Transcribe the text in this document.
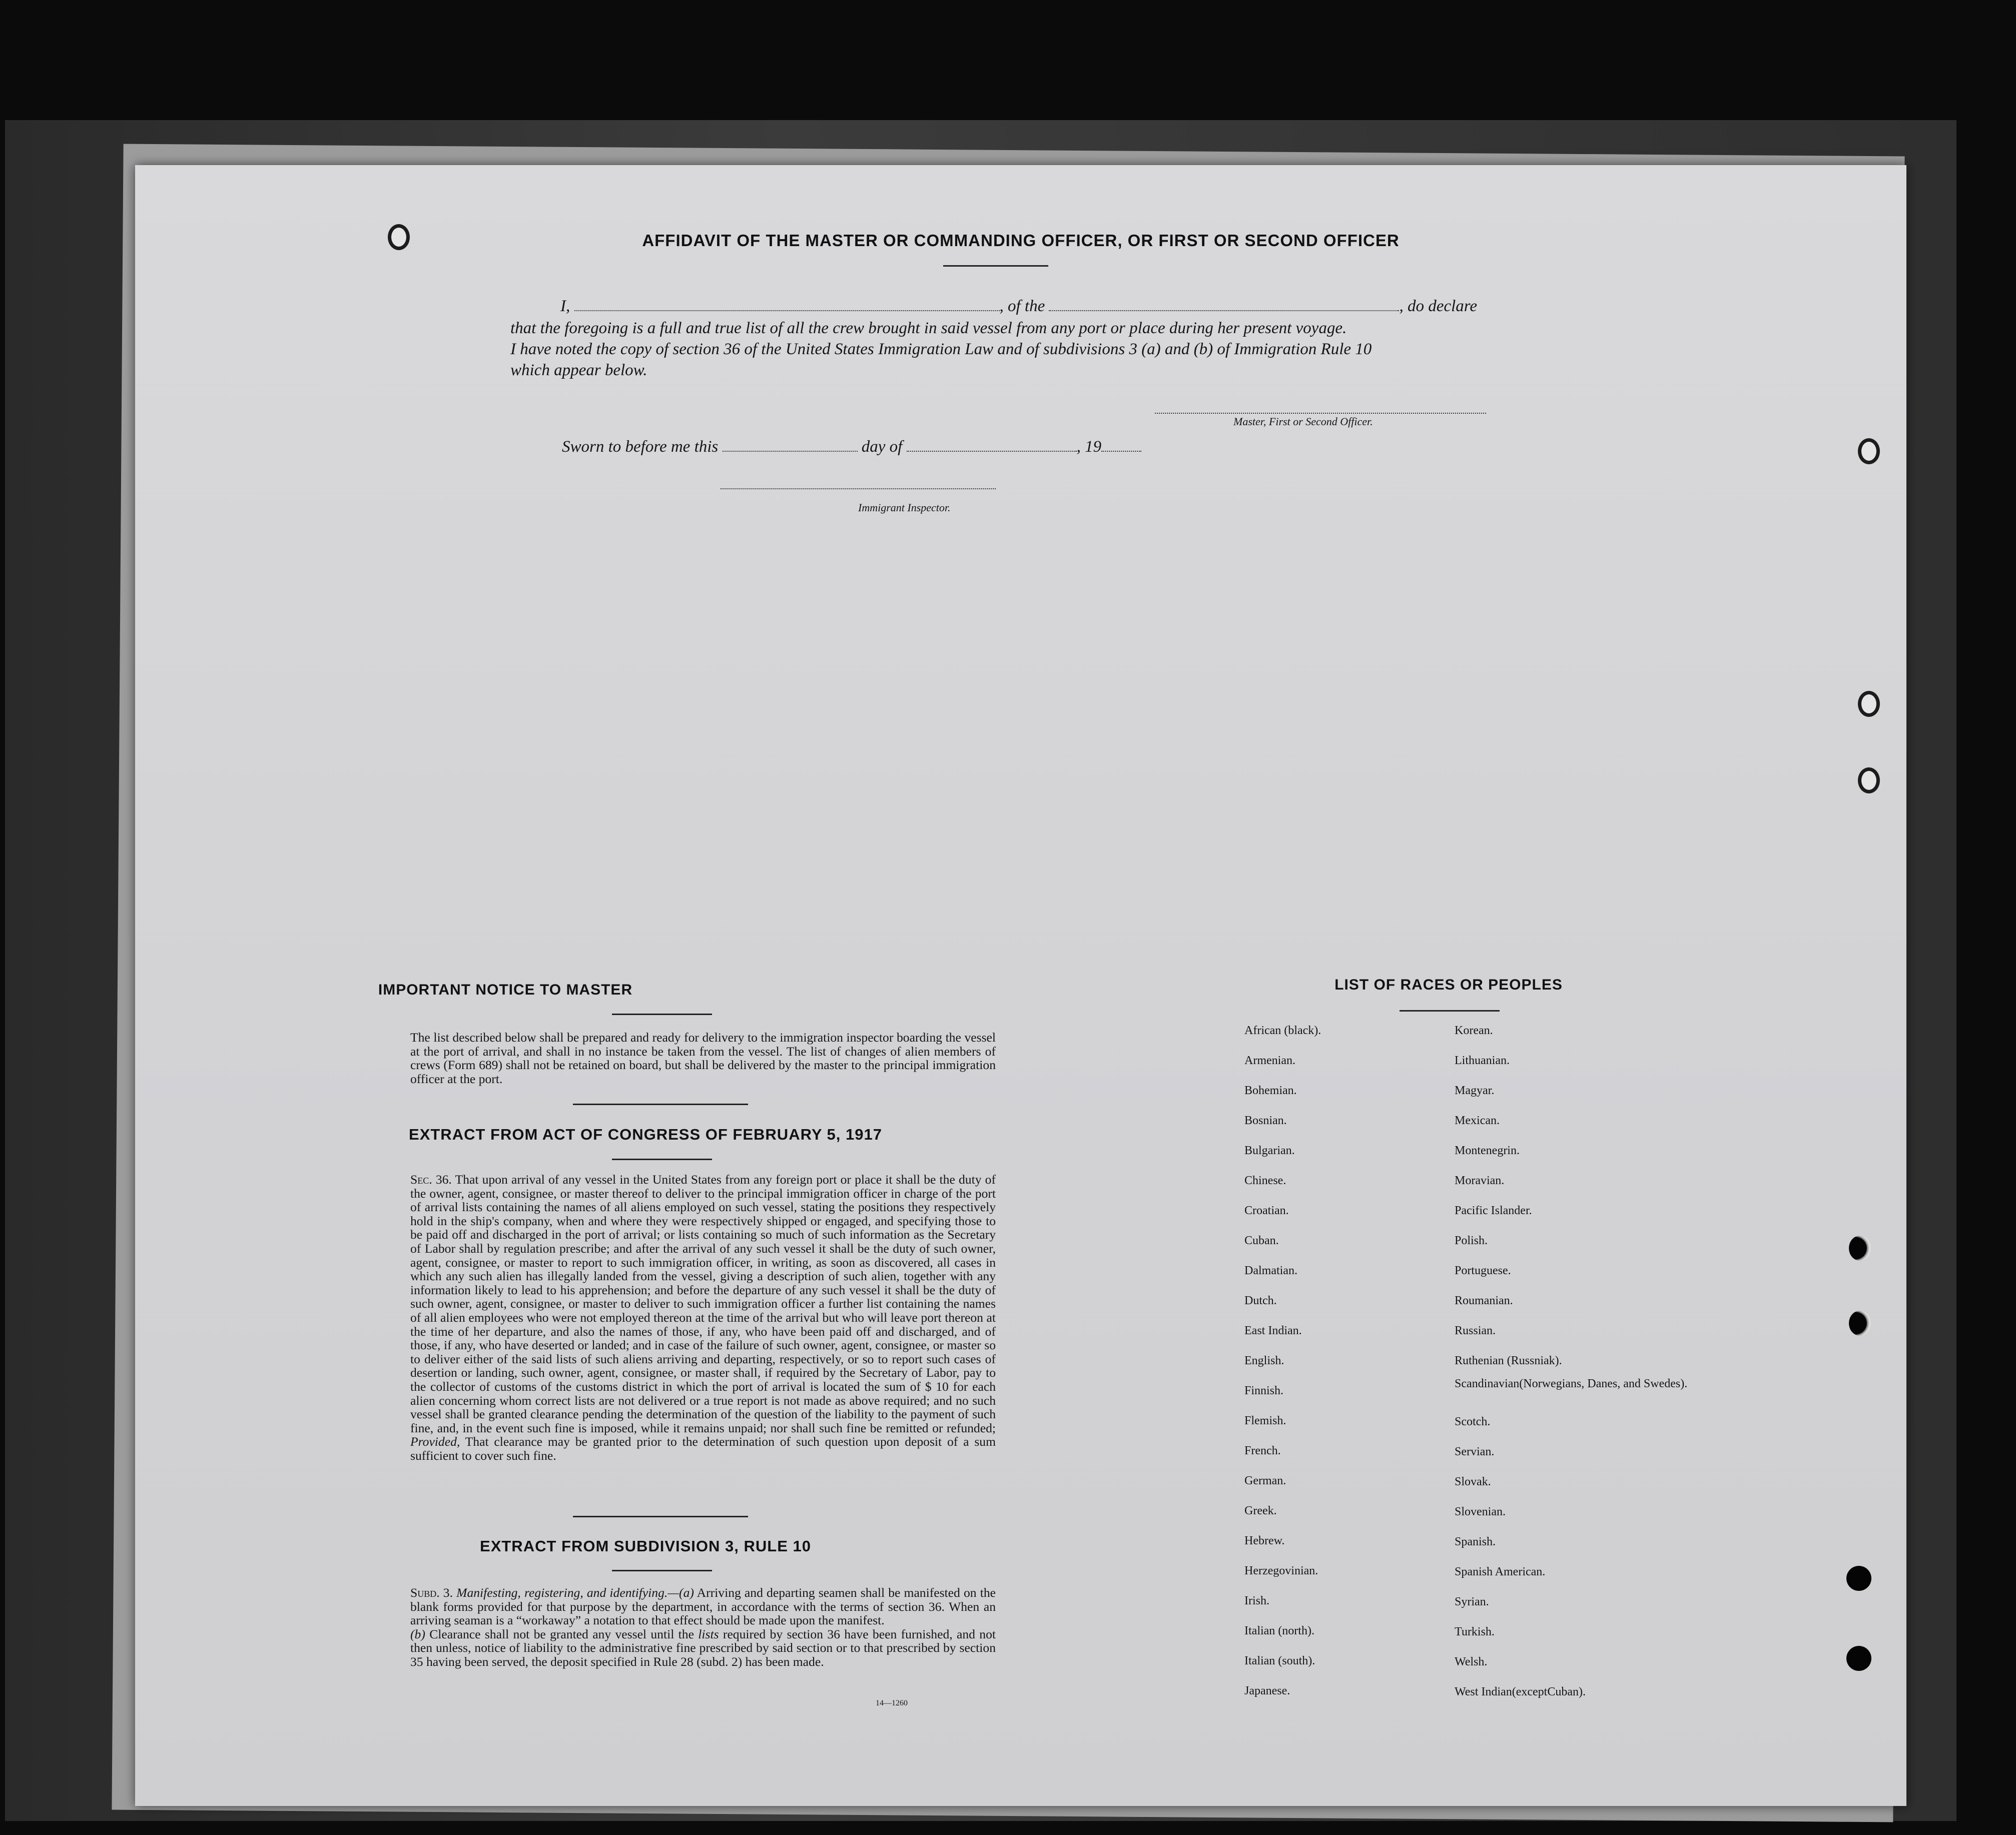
AFFIDAVIT OF THE MASTER OR COMMANDING OFFICER, OR FIRST OR SECOND OFFICER
I,	, of the	, do declare
that the foregoing is a full and true list of all the crew brought in said vessel from any port or place during her present voyage.
I have noted the copy of section 36 of the United States Immigration Law and of subdivisions 3 (a) and (b) of Immigration Rule 10
which appear below.
Master, First or Second Officer.
Sworn to before me this	day of	, 19
Immigrant Inspector.
IMPORTANT NOTICE TO MASTER
The list described below shall be prepared and ready for delivery to the immigration inspector boarding the vessel at the port of arrival, and shall in no instance be taken from the vessel. The list of changes of alien members of crews (Form 689) shall not be retained on board, but shall be delivered by the master to the principal immigration officer at the port.
EXTRACT FROM ACT OF CONGRESS OF FEBRUARY 5, 1917
Sec. 36. That upon arrival of any vessel in the United States from any foreign port or place it shall be the duty of the owner, agent, consignee, or master thereof to deliver to the principal immigration officer in charge of the port of arrival lists containing the names of all aliens employed on such vessel, stating the positions they respectively hold in the ship's company, when and where they were respectively shipped or engaged, and specifying those to be paid off and discharged in the port of arrival; or lists containing so much of such information as the Secretary of Labor shall by regulation prescribe; and after the arrival of any such vessel it shall be the duty of such owner, agent, consignee, or master to report to such immigration officer, in writing, as soon as discovered, all cases in which any such alien has illegally landed from the vessel, giving a description of such alien, together with any information likely to lead to his apprehension; and before the departure of any such vessel it shall be the duty of such owner, agent, consignee, or master to deliver to such immigration officer a further list containing the names of all alien employees who were not employed thereon at the time of the arrival but who will leave port thereon at the time of her departure, and also the names of those, if any, who have been paid off and discharged, and of those, if any, who have deserted or landed; and in case of the failure of such owner, agent, consignee, or master so to deliver either of the said lists of such aliens arriving and departing, respectively, or so to report such cases of desertion or landing, such owner, agent, consignee, or master shall, if required by the Secretary of Labor, pay to the collector of customs of the customs district in which the port of arrival is located the sum of $ 10 for each alien concerning whom correct lists are not delivered or a true report is not made as above required; and no such vessel shall be granted clearance pending the determination of the question of the liability to the payment of such fine, and, in the event such fine is imposed, while it remains unpaid; nor shall such fine be remitted or refunded; Provided, That clearance may be granted prior to the determination of such question upon deposit of a sum sufficient to cover such fine.
EXTRACT FROM SUBDIVISION 3, RULE 10
Subd. 3. Manifesting, registering, and identifying.—(a) Arriving and departing seamen shall be manifested on the blank forms provided for that purpose by the department, in accordance with the terms of section 36. When an arriving seaman is a “workaway” a notation to that effect should be made upon the manifest.
(b) Clearance shall not be granted any vessel until the lists required by section 36 have been furnished, and not then unless, notice of liability to the administrative fine prescribed by said section or to that prescribed by section 35 having been served, the deposit specified in Rule 28 (subd. 2) has been made.
14—1260
LIST OF RACES OR PEOPLES
African (black).
Armenian.
Bohemian.
Bosnian.
Bulgarian.
Chinese.
Croatian.
Cuban.
Dalmatian.
Dutch.
East Indian.
English.
Finnish.
Flemish.
French.
German.
Greek.
Hebrew.
Herzegovinian.
Irish.
Italian (north).
Italian (south).
Japanese.
Korean.
Lithuanian.
Magyar.
Mexican.
Montenegrin.
Moravian.
Pacific Islander.
Polish.
Portuguese.
Roumanian.
Russian.
Ruthenian (Russniak).
Scandinavian(Norwegians, Danes, and Swedes).
Scotch.
Servian.
Slovak.
Slovenian.
Spanish.
Spanish American.
Syrian.
Turkish.
Welsh.
West Indian(exceptCuban).
